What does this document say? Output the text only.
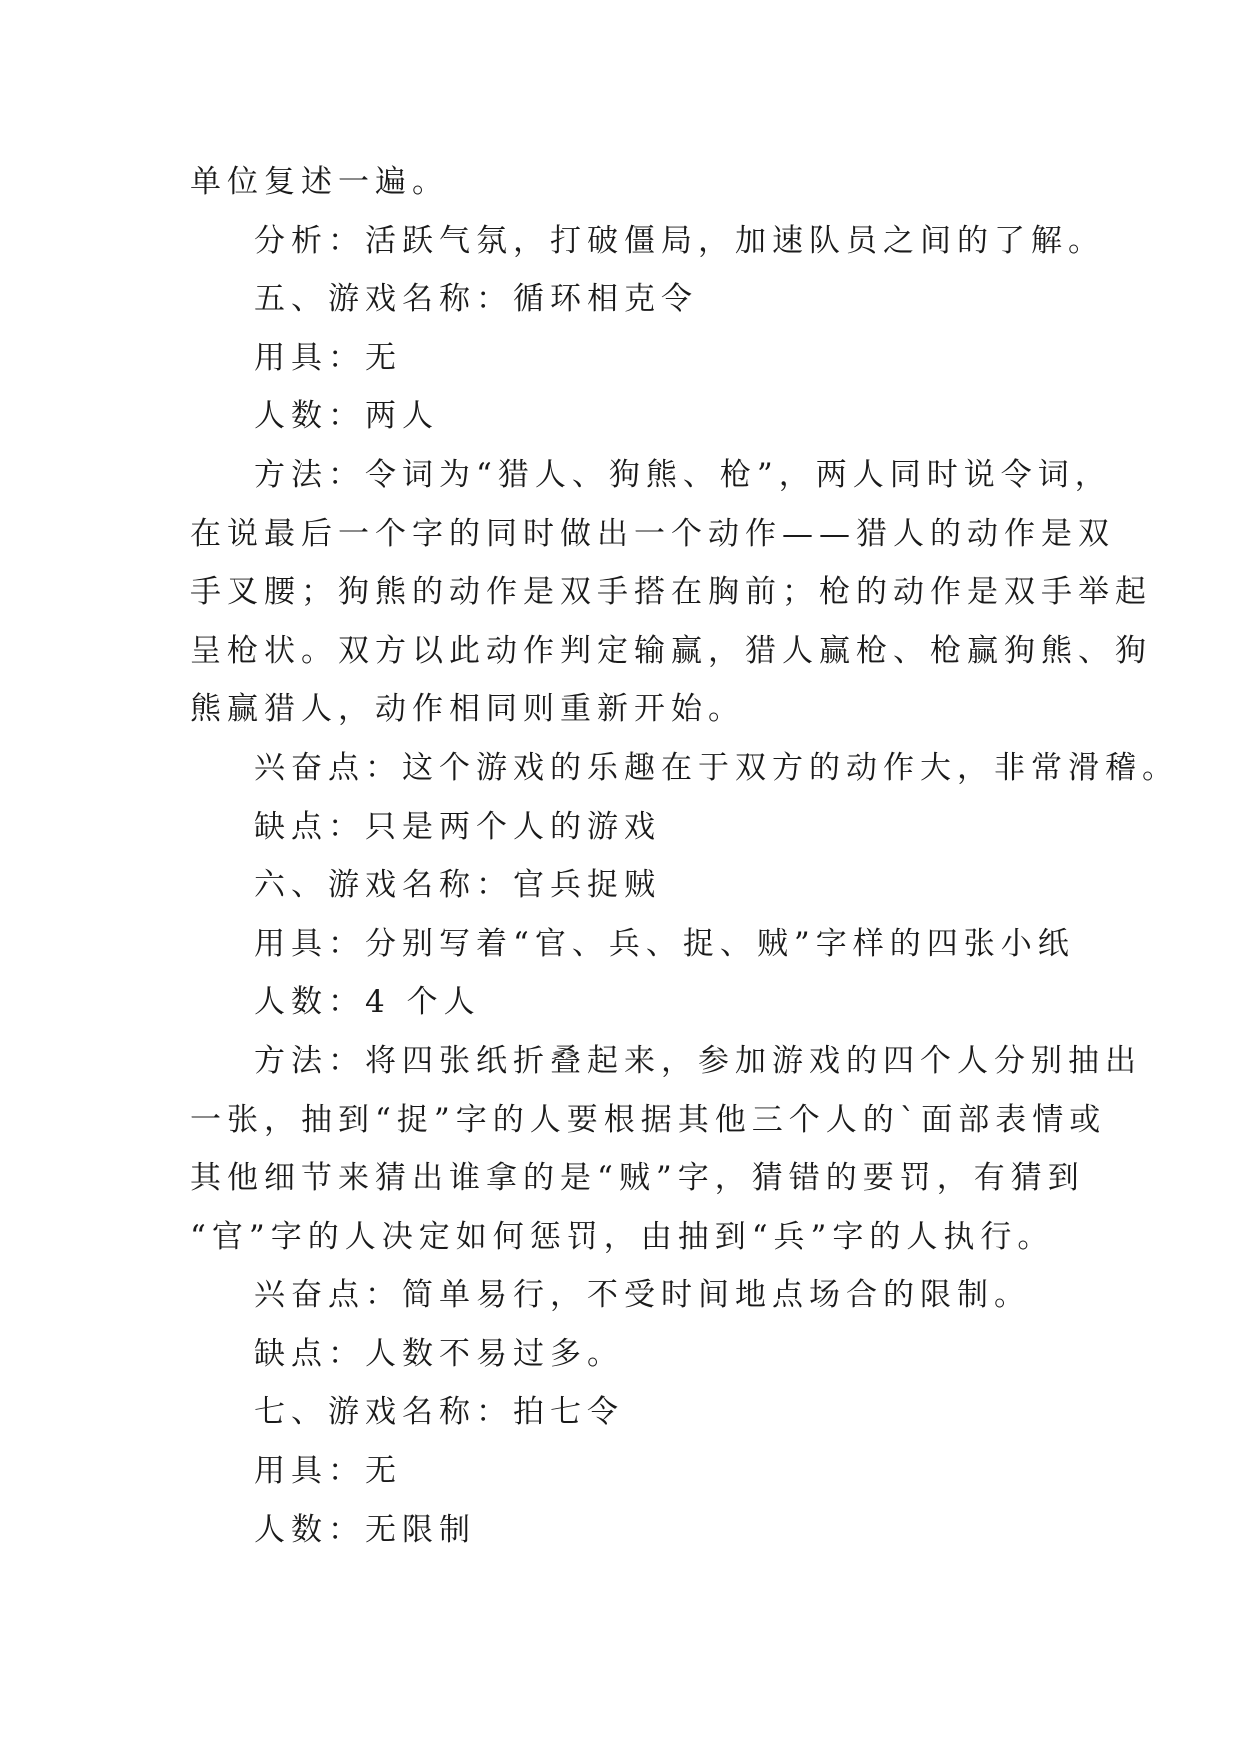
单位复述一遍。
分析：活跃气氛，打破僵局，加速队员之间的了解。
五、游戏名称：循环相克令
用具：无
人数：两人
方法：令词为“猎人、狗熊、枪”，两人同时说令词，
在说最后一个字的同时做出一个动作——猎人的动作是双
手叉腰；狗熊的动作是双手搭在胸前；枪的动作是双手举起
呈枪状。双方以此动作判定输赢，猎人赢枪、枪赢狗熊、狗
熊赢猎人，动作相同则重新开始。
兴奋点：这个游戏的乐趣在于双方的动作大，非常滑稽。
缺点：只是两个人的游戏
六、游戏名称：官兵捉贼
用具：分别写着“官、兵、捉、贼”字样的四张小纸
人数：4 个人
方法：将四张纸折叠起来，参加游戏的四个人分别抽出
一张，抽到“捉”字的人要根据其他三个人的`面部表情或
其他细节来猜出谁拿的是“贼”字，猜错的要罚，有猜到
“官”字的人决定如何惩罚，由抽到“兵”字的人执行。
兴奋点：简单易行，不受时间地点场合的限制。
缺点：人数不易过多。
七、游戏名称：拍七令
用具：无
人数：无限制
